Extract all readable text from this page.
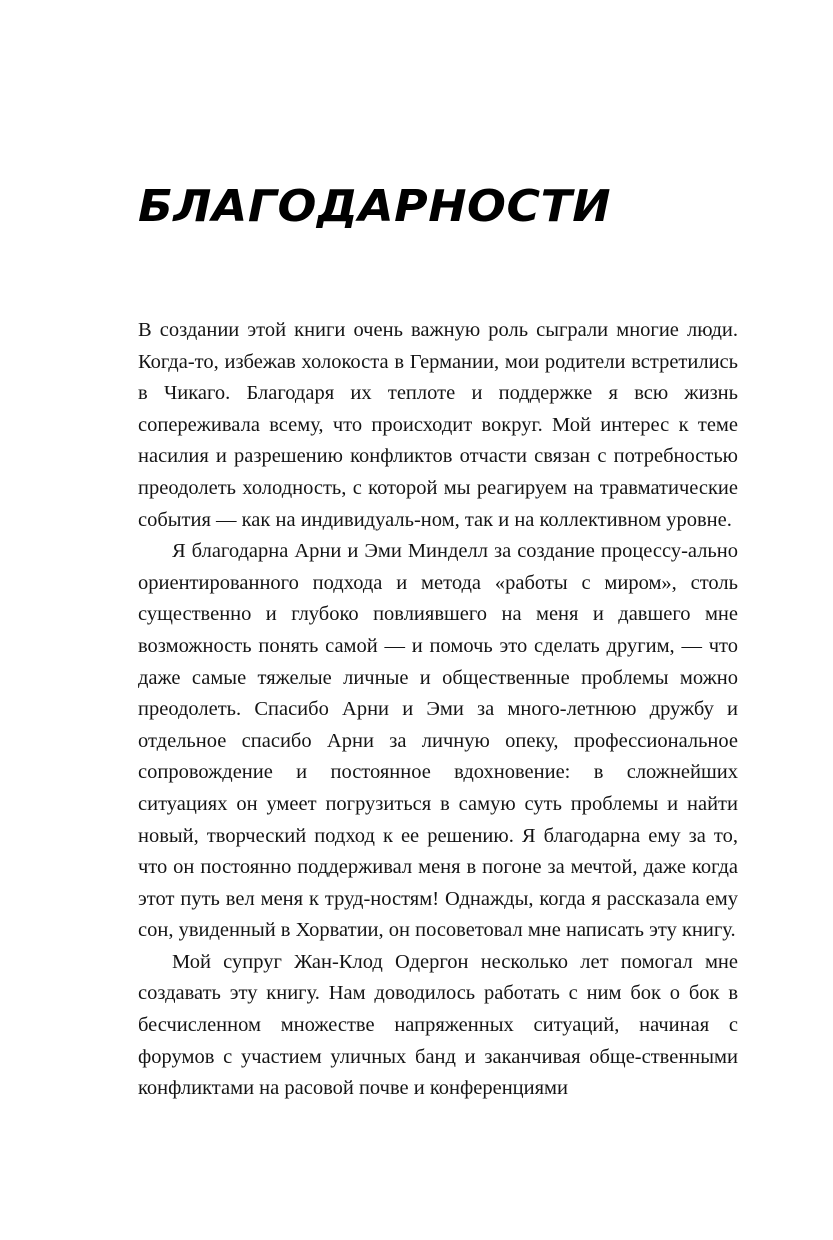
БЛАГОДАРНОСТИ

В создании этой книги очень важную роль сыграли многие люди. Когда-то, избежав холокоста в Германии, мои родители встретились в Чикаго. Благодаря их теплоте и поддержке я всю жизнь сопереживала всему, что происходит вокруг. Мой интерес к теме насилия и разрешению конфликтов отчасти связан с потребностью преодолеть холодность, с которой мы реагируем на травматические события — как на индивидуаль-ном, так и на коллективном уровне.

Я благодарна Арни и Эми Минделл за создание процессу-ально ориентированного подхода и метода «работы с миром», столь существенно и глубоко повлиявшего на меня и давшего мне возможность понять самой — и помочь это сделать другим, — что даже самые тяжелые личные и общественные проблемы можно преодолеть. Спасибо Арни и Эми за много-летнюю дружбу и отдельное спасибо Арни за личную опеку, профессиональное сопровождение и постоянное вдохновение: в сложнейших ситуациях он умеет погрузиться в самую суть проблемы и найти новый, творческий подход к ее решению. Я благодарна ему за то, что он постоянно поддерживал меня в погоне за мечтой, даже когда этот путь вел меня к труд-ностям! Однажды, когда я рассказала ему сон, увиденный в Хорватии, он посоветовал мне написать эту книгу.

Мой супруг Жан-Клод Одергон несколько лет помогал мне создавать эту книгу. Нам доводилось работать с ним бок о бок в бесчисленном множестве напряженных ситуаций, начиная с форумов с участием уличных банд и заканчивая обще-ственными конфликтами на расовой почве и конференциями
